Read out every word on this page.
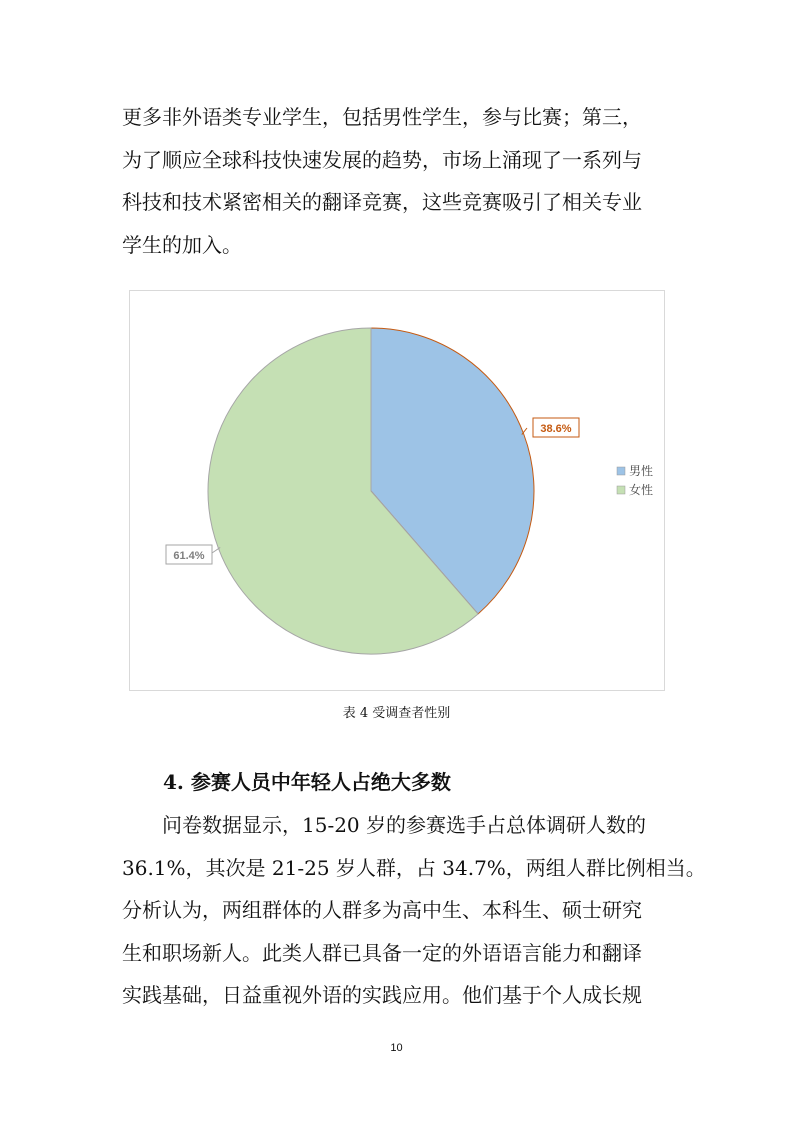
更多非外语类专业学生，包括男性学生，参与比赛；第三，
为了顺应全球科技快速发展的趋势，市场上涌现了一系列与
科技和技术紧密相关的翻译竞赛，这些竞赛吸引了相关专业
学生的加入。

38.6%
61.4%
男性
女性
表 4 受调查者性别
4. 参赛人员中年轻人占绝大多数

　　问卷数据显示，15-20 岁的参赛选手占总体调研人数的
36.1%，其次是 21-25 岁人群，占 34.7%，两组人群比例相当。
分析认为，两组群体的人群多为高中生、本科生、硕士研究
生和职场新人。此类人群已具备一定的外语语言能力和翻译
实践基础，日益重视外语的实践应用。他们基于个人成长规

10
